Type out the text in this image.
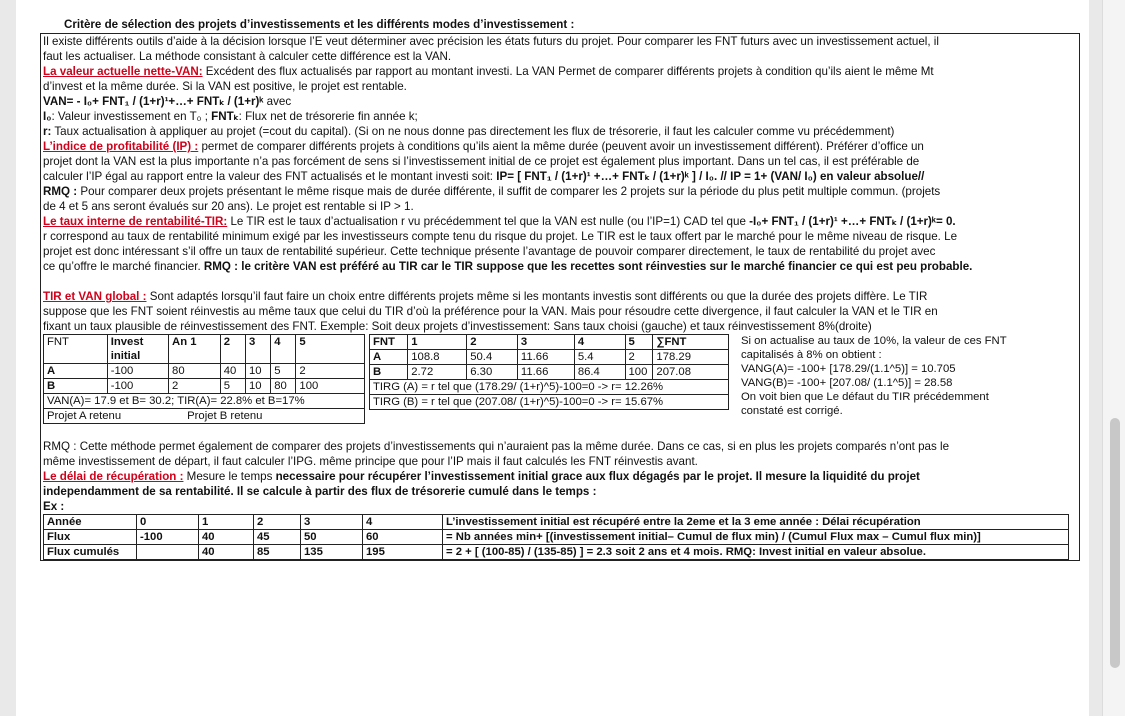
Critère de sélection des projets d’investissements et les différents modes d’investissement :

Il existe différents outils d’aide à la décision lorsque l’E veut déterminer avec précision les états futurs du projet. Pour comparer les FNT futurs avec un investissement actuel, il

faut les actualiser. La méthode consistant à calculer cette différence est la VAN.

La valeur actuelle nette-VAN: Excédent des flux actualisés par rapport au montant investi. La VAN Permet de comparer différents projets à condition qu’ils aient le même Mt

d’invest et la même durée. Si la VAN est positive, le projet est rentable.

VAN= - I₀+ FNT₁ / (1+r)¹+…+ FNTₖ / (1+r)ᵏ avec

I₀: Valeur investissement en T₀ ; FNTₖ: Flux net de trésorerie fin année k;

r: Taux actualisation à appliquer au projet (=cout du capital). (Si on ne nous donne pas directement les flux de trésorerie, il faut les calculer comme vu précédemment)

L’indice de profitabilité (IP) : permet de comparer différents projets à conditions qu’ils aient la même durée (peuvent avoir un investissement différent). Préférer d’office un

projet dont la VAN est la plus importante n’a pas forcément de sens si l’investissement initial de ce projet est également plus important. Dans un tel cas, il est préférable de

calculer l’IP égal au rapport entre la valeur des FNT actualisés et le montant investi soit: IP= [ FNT₁ / (1+r)¹ +…+ FNTₖ / (1+r)ᵏ ] / I₀. // IP = 1+ (VAN/ I₀) en valeur absolue//

RMQ : Pour comparer deux projets présentant le même risque mais de durée différente, il suffit de comparer les 2 projets sur la période du plus petit multiple commun. (projets

de 4 et 5 ans seront évalués sur 20 ans). Le projet est rentable si IP > 1.

Le taux interne de rentabilité-TIR: Le TIR est le taux d’actualisation r vu précédemment tel que la VAN est nulle (ou l’IP=1) CAD tel que -I₀+ FNT₁ / (1+r)¹ +…+ FNTₖ / (1+r)ᵏ= 0.

r correspond au taux de rentabilité minimum exigé par les investisseurs compte tenu du risque du projet. Le TIR est le taux offert par le marché pour le même niveau de risque. Le

projet est donc intéressant s’il offre un taux de rentabilité supérieur. Cette technique présente l’avantage de pouvoir comparer directement, le taux de rentabilité du projet avec

ce qu’offre le marché financier. RMQ : le critère VAN est préféré au TIR car le TIR suppose que les recettes sont réinvesties sur le marché financier ce qui est peu probable.

TIR et VAN global : Sont adaptés lorsqu’il faut faire un choix entre différents projets même si les montants investis sont différents ou que la durée des projets diffère. Le TIR

suppose que les FNT soient réinvestis au même taux que celui du TIR d’où la préférence pour la VAN. Mais pour résoudre cette divergence, il faut calculer la VAN et le TIR en

fixant un taux plausible de réinvestissement des FNT. Exemple: Soit deux projets d’investissement: Sans taux choisi (gauche) et taux réinvestissement 8%(droite)

FNT	Invest initial	An 1	2	3	4	5
A	-100	80	40	10	5	2
B	-100	2	5	10	80	100
VAN(A)= 17.9 et B= 30.2; TIR(A)= 22.8% et B=17%						
Projet A retenu Projet B retenu						
FNT	1	2	3	4	5	∑FNT
A	108.8	50.4	11.66	5.4	2	178.29
B	2.72	6.30	11.66	86.4	100	207.08
TIRG (A) = r tel que (178.29/ (1+r)^5)-100=0 -> r= 12.26%						
TIRG (B) = r tel que (207.08/ (1+r)^5)-100=0 -> r= 15.67%						
Si on actualise au taux de 10%, la valeur de ces FNT
capitalisés à 8% on obtient :
VANG(A)= -100+ [178.29/(1.1^5)] = 10.705
VANG(B)= -100+ [207.08/ (1.1^5)] = 28.58
On voit bien que Le défaut du TIR précédemment
constaté est corrigé.

RMQ : Cette méthode permet également de comparer des projets d’investissements qui n’auraient pas la même durée. Dans ce cas, si en plus les projets comparés n’ont pas le

même investissement de départ, il faut calculer l’IPG. même principe que pour l’IP mais il faut calculés les FNT réinvestis avant.

Le délai de récupération : Mesure le temps necessaire pour récupérer l’investissement initial grace aux flux dégagés par le projet. Il mesure la liquidité du projet

independamment de sa rentabilité. Il se calcule à partir des flux de trésorerie cumulé dans le temps :

Ex :

Année	0	1	2	3	4	L’investissement initial est récupéré entre la 2eme et la 3 eme année : Délai récupération
Flux	-100	40	45	50	60	= Nb années min+ [(investissement initial– Cumul de flux min) / (Cumul Flux max – Cumul flux min)]
Flux cumulés		40	85	135	195	= 2 + [ (100-85) / (135-85) ] = 2.3 soit 2 ans et 4 mois. RMQ: Invest initial en valeur absolue.
